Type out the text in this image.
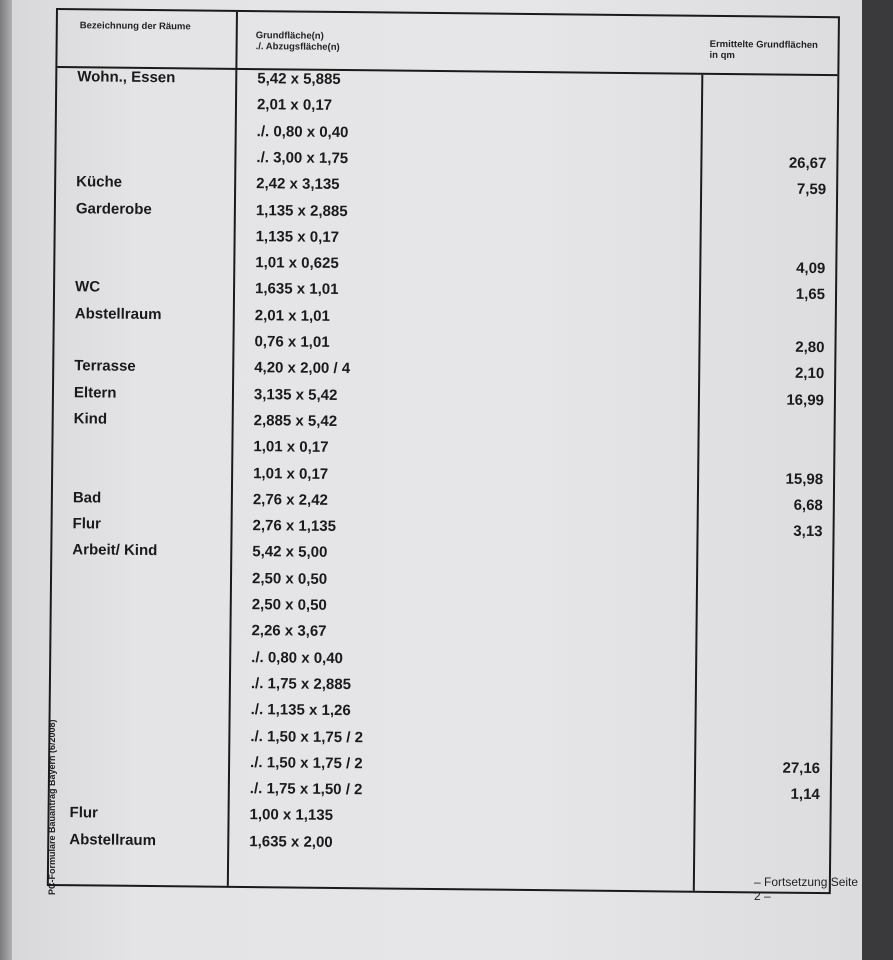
PC-Formulare Bauantrag Bayern (6/2008)
Bezeichnung der Räume
Grundfläche(n)
./. Abzugsfläche(n)	Ermittelte Grundflächen
in qm
Wohn., Essen	5,42 x 5,885
2,01 x 0,17
./. 0,80 x 0,40
./. 3,00 x 1,75	26,67
Küche	2,42 x 3,135	7,59
Garderobe	1,135 x 2,885
1,135 x 0,17
1,01 x 0,625	4,09
WC	1,635 x 1,01	1,65
Abstellraum	2,01 x 1,01
0,76 x 1,01	2,80
Terrasse	4,20 x 2,00 / 4	2,10
Eltern	3,135 x 5,42	16,99
Kind	2,885 x 5,42
1,01 x 0,17
1,01 x 0,17	15,98
Bad	2,76 x 2,42	6,68
Flur	2,76 x 1,135	3,13
Arbeit/ Kind	5,42 x 5,00
2,50 x 0,50
2,50 x 0,50
2,26 x 3,67
./. 0,80 x 0,40
./. 1,75 x 2,885
./. 1,135 x 1,26
./. 1,50 x 1,75 / 2
./. 1,50 x 1,75 / 2	27,16
./. 1,75 x 1,50 / 2	1,14
Flur	1,00 x 1,135
Abstellraum	1,635 x 2,00
– Fortsetzung Seite 2 –
